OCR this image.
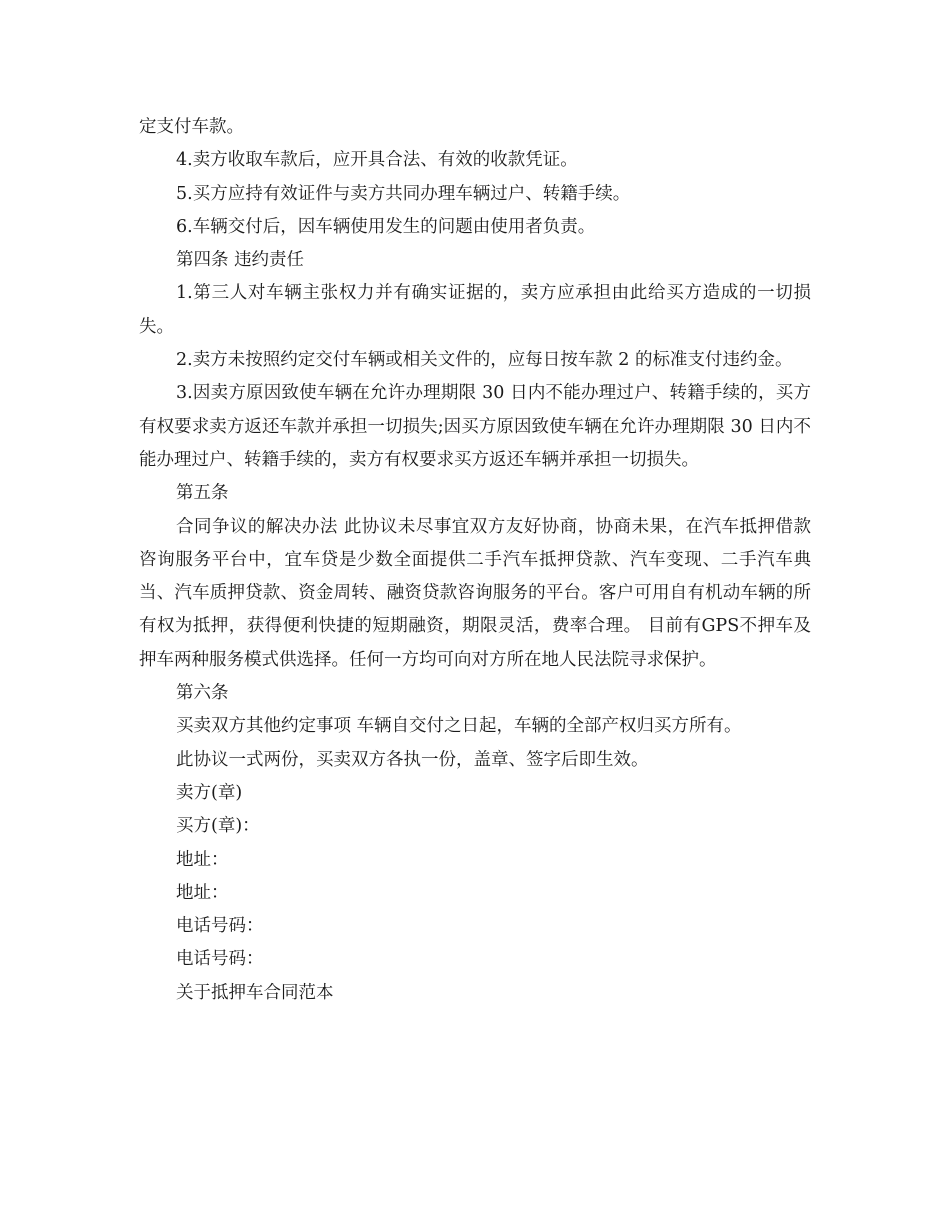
定支付车款。

4.卖方收取车款后，应开具合法、有效的收款凭证。

5.买方应持有效证件与卖方共同办理车辆过户、转籍手续。

6.车辆交付后，因车辆使用发生的问题由使用者负责。

第四条 违约责任

1.第三人对车辆主张权力并有确实证据的，卖方应承担由此给买方造成的一切损失。

2.卖方未按照约定交付车辆或相关文件的，应每日按车款 2 的标准支付违约金。

3.因卖方原因致使车辆在允许办理期限 30 日内不能办理过户、转籍手续的，买方有权要求卖方返还车款并承担一切损失;因买方原因致使车辆在允许办理期限 30 日内不能办理过户、转籍手续的，卖方有权要求买方返还车辆并承担一切损失。

第五条

合同争议的解决办法 此协议未尽事宜双方友好协商，协商未果，在汽车抵押借款咨询服务平台中，宜车贷是少数全面提供二手汽车抵押贷款、汽车变现、二手汽车典当、汽车质押贷款、资金周转、融资贷款咨询服务的平台。客户可用自有机动车辆的所有权为抵押，获得便利快捷的短期融资，期限灵活，费率合理。 目前有GPS不押车及押车两种服务模式供选择。任何一方均可向对方所在地人民法院寻求保护。

第六条

买卖双方其他约定事项 车辆自交付之日起，车辆的全部产权归买方所有。

此协议一式两份，买卖双方各执一份，盖章、签字后即生效。

卖方(章)

买方(章)：

地址：

地址：

电话号码：

电话号码：

关于抵押车合同范本
